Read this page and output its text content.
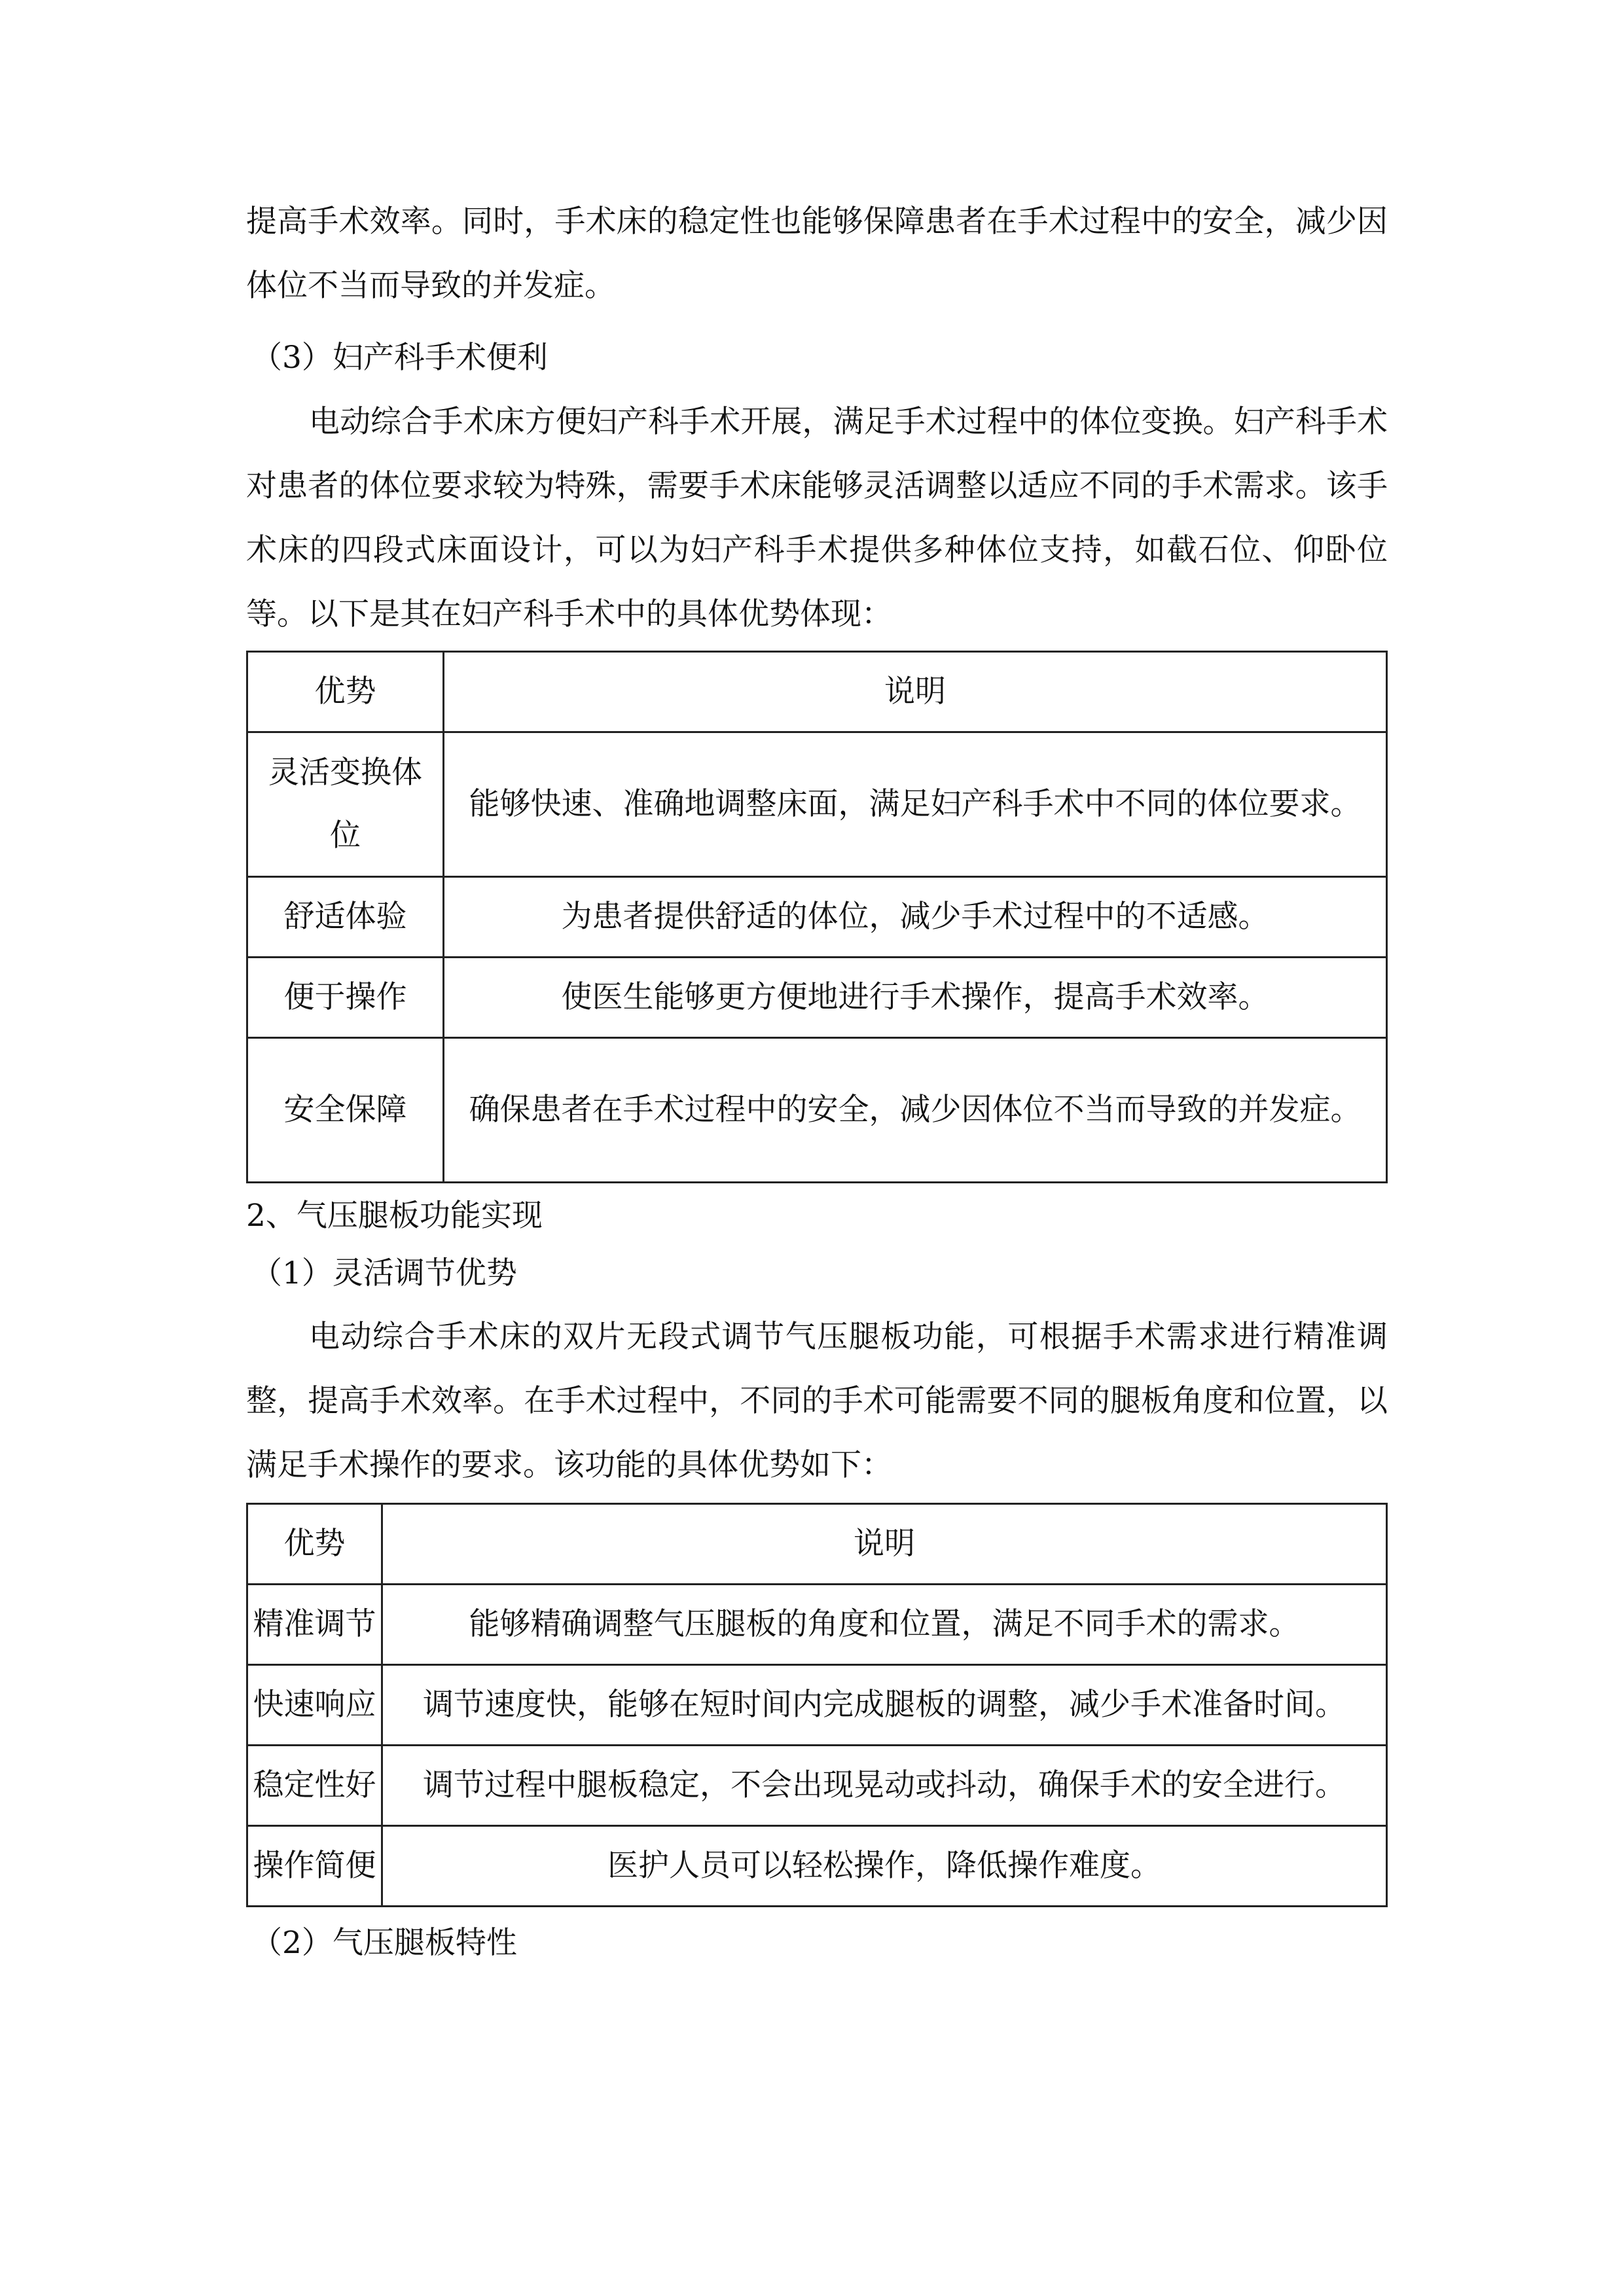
提高手术效率。同时，手术床的稳定性也能够保障患者在手术过程中的安全，减少因体位不当而导致的并发症。

（3）妇产科手术便利

电动综合手术床方便妇产科手术开展，满足手术过程中的体位变换。妇产科手术对患者的体位要求较为特殊，需要手术床能够灵活调整以适应不同的手术需求。该手术床的四段式床面设计，可以为妇产科手术提供多种体位支持，如截石位、仰卧位等。以下是其在妇产科手术中的具体优势体现：

优势	说明
灵活变换体位	能够快速、准确地调整床面，满足妇产科手术中不同的体位要求。
舒适体验	为患者提供舒适的体位，减少手术过程中的不适感。
便于操作	使医生能够更方便地进行手术操作，提高手术效率。
安全保障	确保患者在手术过程中的安全，减少因体位不当而导致的并发症。

2、气压腿板功能实现

（1）灵活调节优势

电动综合手术床的双片无段式调节气压腿板功能，可根据手术需求进行精准调整，提高手术效率。在手术过程中，不同的手术可能需要不同的腿板角度和位置，以满足手术操作的要求。该功能的具体优势如下：

优势	说明
精准调节	能够精确调整气压腿板的角度和位置，满足不同手术的需求。
快速响应	调节速度快，能够在短时间内完成腿板的调整，减少手术准备时间。
稳定性好	调节过程中腿板稳定，不会出现晃动或抖动，确保手术的安全进行。
操作简便	医护人员可以轻松操作，降低操作难度。

（2）气压腿板特性
